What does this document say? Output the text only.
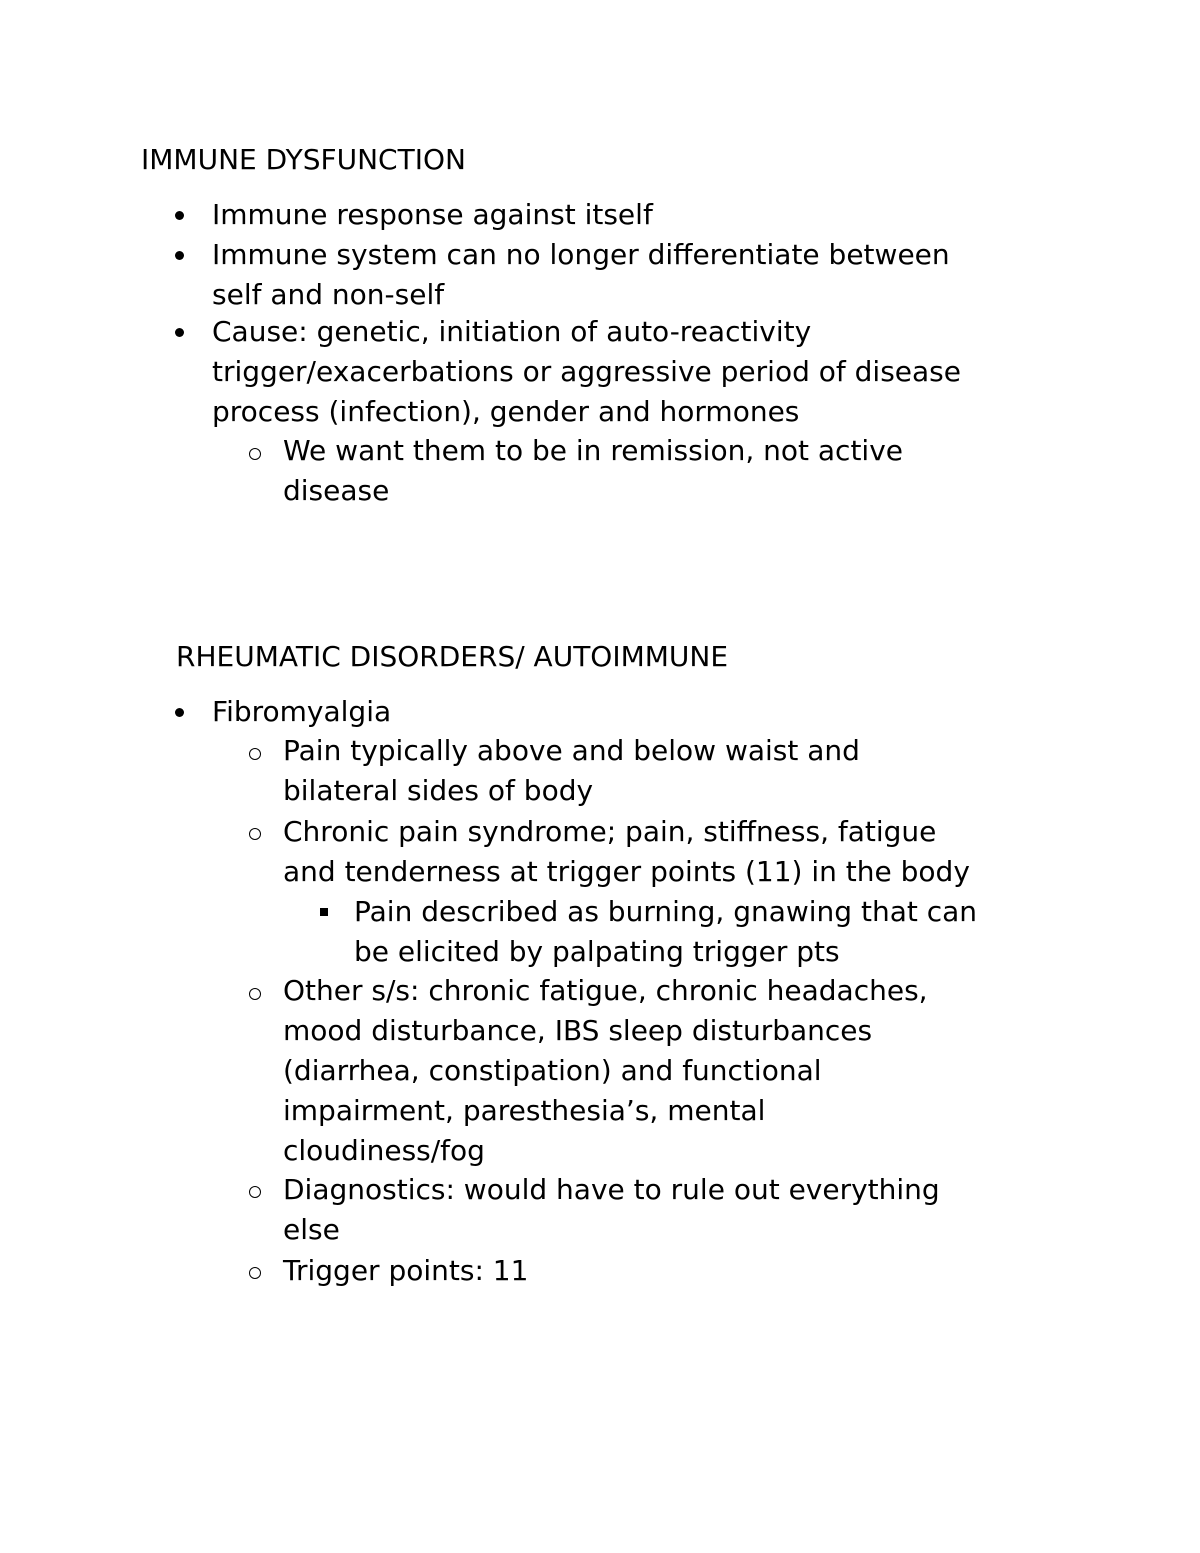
IMMUNE DYSFUNCTION
Immune response against itself
Immune system can no longer differentiate between
self and non-self
Cause: genetic, initiation of auto-reactivity
trigger/exacerbations or aggressive period of disease
process (infection), gender and hormones
We want them to be in remission, not active
disease
RHEUMATIC DISORDERS/ AUTOIMMUNE
Fibromyalgia
Pain typically above and below waist and
bilateral sides of body
Chronic pain syndrome; pain, stiffness, fatigue
and tenderness at trigger points (11) in the body
Pain described as burning, gnawing that can
be elicited by palpating trigger pts
Other s/s: chronic fatigue, chronic headaches,
mood disturbance, IBS sleep disturbances
(diarrhea, constipation) and functional
impairment, paresthesia’s, mental
cloudiness/fog
Diagnostics: would have to rule out everything
else
Trigger points: 11
